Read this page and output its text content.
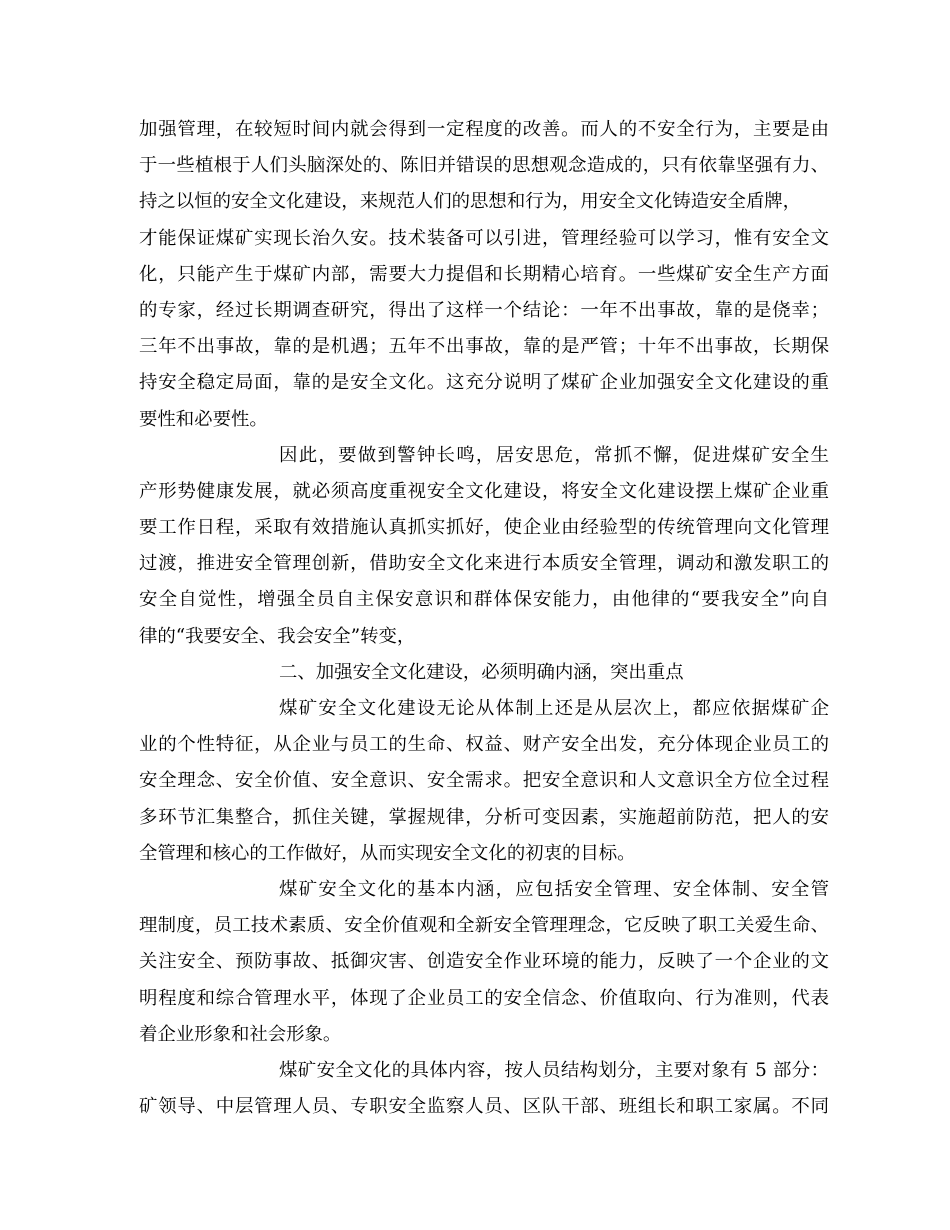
加强管理，在较短时间内就会得到一定程度的改善。而人的不安全行为，主要是由
于一些植根于人们头脑深处的、陈旧并错误的思想观念造成的，只有依靠坚强有力、
持之以恒的安全文化建设，来规范人们的思想和行为，用安全文化铸造安全盾牌，
才能保证煤矿实现长治久安。技术装备可以引进，管理经验可以学习，惟有安全文
化，只能产生于煤矿内部，需要大力提倡和长期精心培育。一些煤矿安全生产方面
的专家，经过长期调查研究，得出了这样一个结论：一年不出事故，靠的是侥幸；
三年不出事故，靠的是机遇；五年不出事故，靠的是严管；十年不出事故，长期保
持安全稳定局面，靠的是安全文化。这充分说明了煤矿企业加强安全文化建设的重
要性和必要性。
因此，要做到警钟长鸣，居安思危，常抓不懈，促进煤矿安全生
产形势健康发展，就必须高度重视安全文化建设，将安全文化建设摆上煤矿企业重
要工作日程，采取有效措施认真抓实抓好，使企业由经验型的传统管理向文化管理
过渡，推进安全管理创新，借助安全文化来进行本质安全管理，调动和激发职工的
安全自觉性，增强全员自主保安意识和群体保安能力，由他律的“要我安全”向自
律的“我要安全、我会安全”转变，
二、加强安全文化建设，必须明确内涵，突出重点
煤矿安全文化建设无论从体制上还是从层次上，都应依据煤矿企
业的个性特征，从企业与员工的生命、权益、财产安全出发，充分体现企业员工的
安全理念、安全价值、安全意识、安全需求。把安全意识和人文意识全方位全过程
多环节汇集整合，抓住关键，掌握规律，分析可变因素，实施超前防范，把人的安
全管理和核心的工作做好，从而实现安全文化的初衷的目标。
煤矿安全文化的基本内涵，应包括安全管理、安全体制、安全管
理制度，员工技术素质、安全价值观和全新安全管理理念，它反映了职工关爱生命、
关注安全、预防事故、抵御灾害、创造安全作业环境的能力，反映了一个企业的文
明程度和综合管理水平，体现了企业员工的安全信念、价值取向、行为准则，代表
着企业形象和社会形象。
煤矿安全文化的具体内容，按人员结构划分，主要对象有 5 部分：
矿领导、中层管理人员、专职安全监察人员、区队干部、班组长和职工家属。不同
